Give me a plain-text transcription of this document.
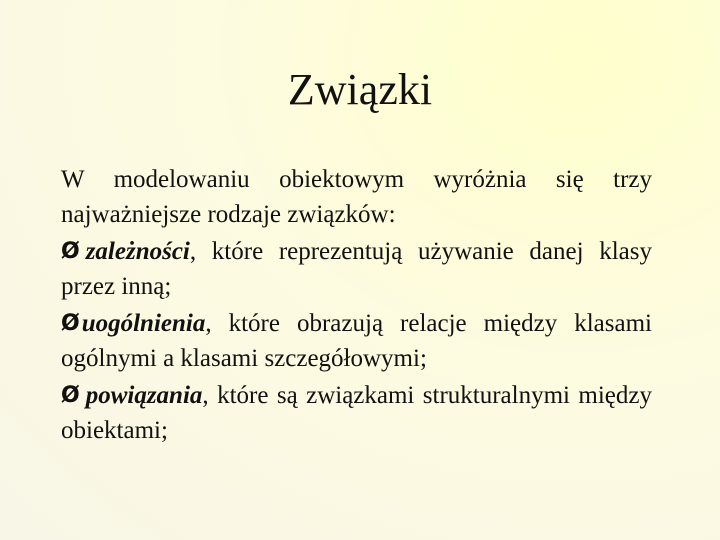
Związki

W modelowaniu obiektowym wyróżnia się trzy najważniejsze rodzaje związków:

Ø zależności, które reprezentują używanie danej klasy przez inną;

Øuogólnienia, które obrazują relacje między klasami ogólnymi a klasami szczegółowymi;

Ø powiązania, które są związkami strukturalnymi między obiektami;
